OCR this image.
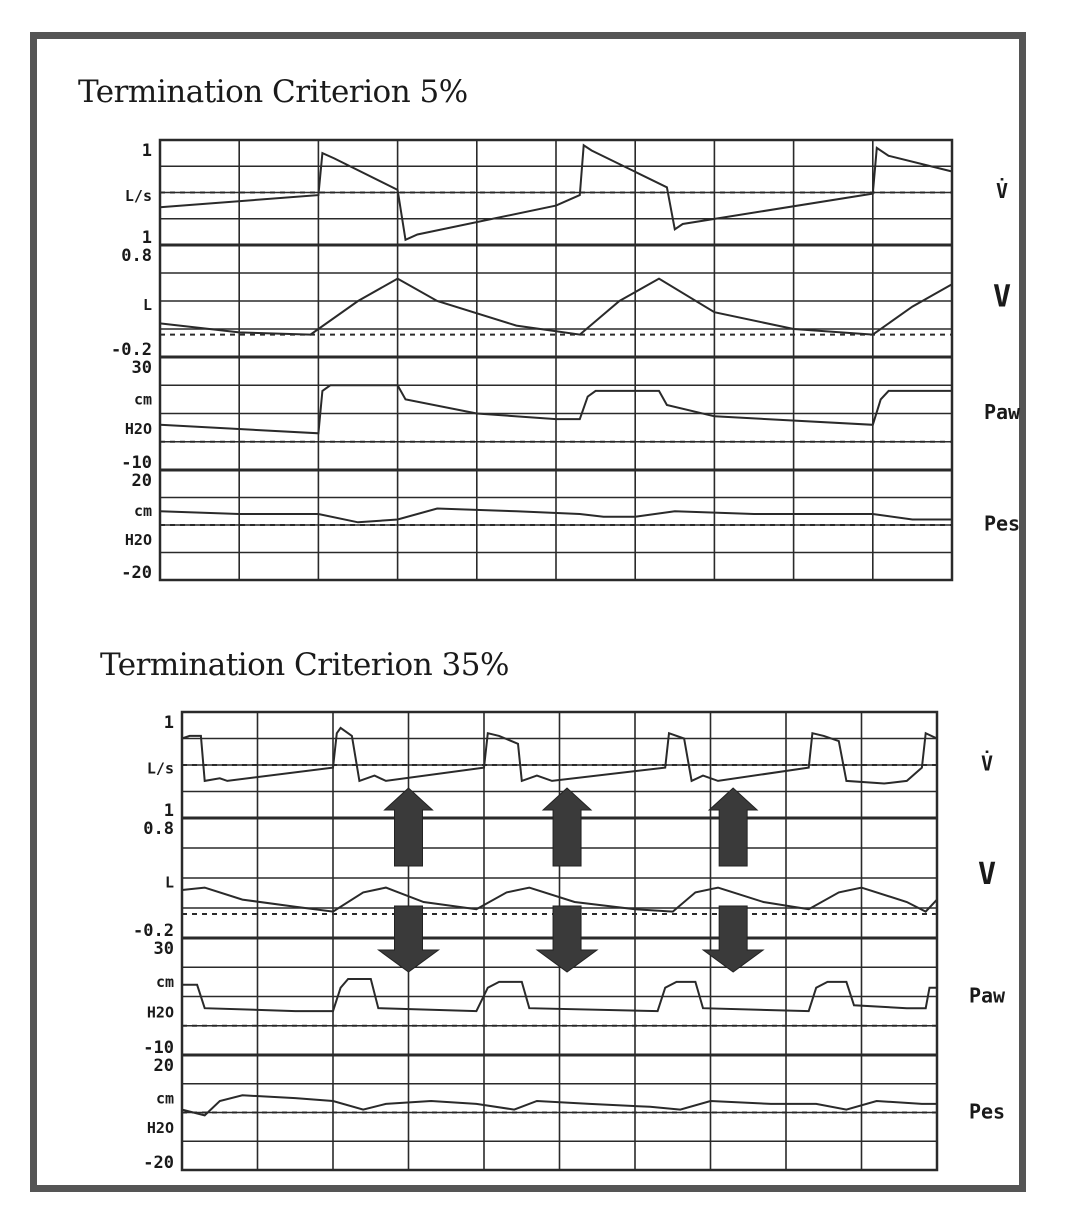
Termination Criterion 5%
Termination Criterion 35%
1
L/s
1
V̇
0.8
L
-0.2
V
30
cm
H2O
-10
Paw
20
cm
H2O
-20
Pes
1
L/s
1
V̇
0.8
L
-0.2
V
30
cm
H2O
-10
Paw
20
cm
H2O
-20
Pes
